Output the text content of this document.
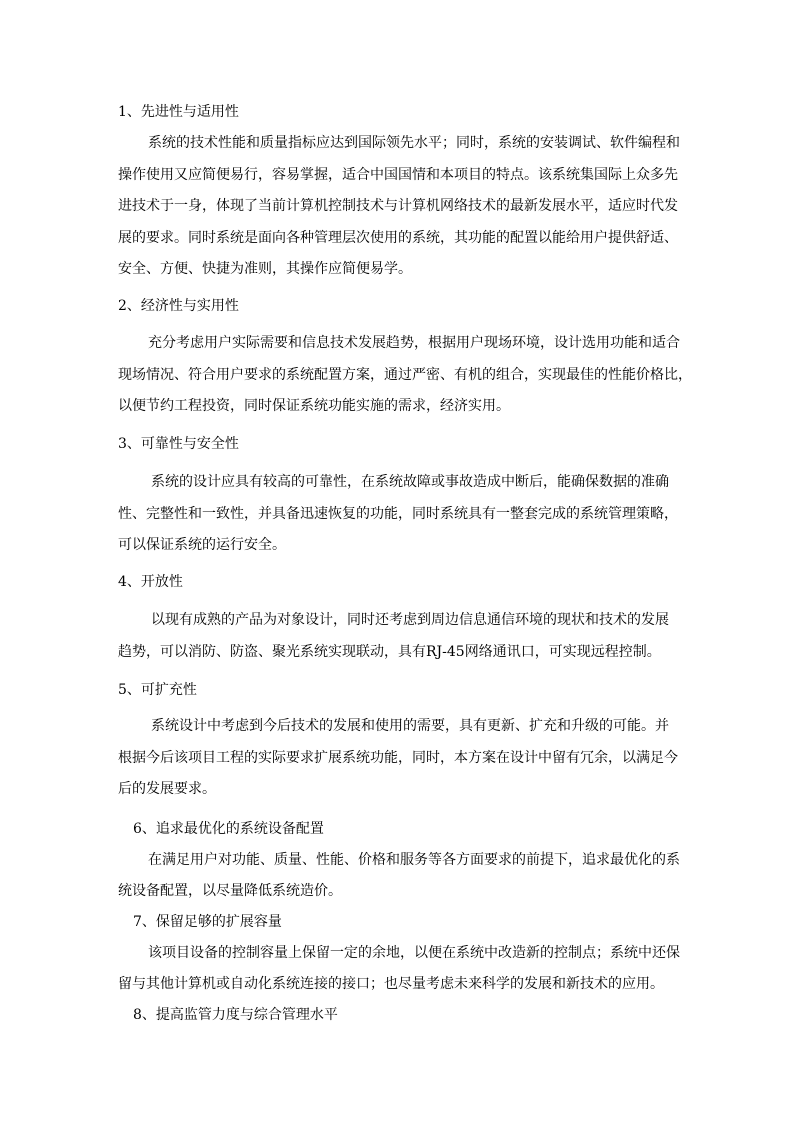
1、先进性与适用性
系统的技术性能和质量指标应达到国际领先水平；同时，系统的安装调试、软件编程和
操作使用又应简便易行，容易掌握，适合中国国情和本项目的特点。该系统集国际上众多先
进技术于一身，体现了当前计算机控制技术与计算机网络技术的最新发展水平，适应时代发
展的要求。同时系统是面向各种管理层次使用的系统，其功能的配置以能给用户提供舒适、
安全、方便、快捷为准则，其操作应简便易学。
2、经济性与实用性
充分考虑用户实际需要和信息技术发展趋势，根据用户现场环境，设计选用功能和适合
现场情况、符合用户要求的系统配置方案，通过严密、有机的组合，实现最佳的性能价格比，
以便节约工程投资，同时保证系统功能实施的需求，经济实用。
3、可靠性与安全性
系统的设计应具有较高的可靠性，在系统故障或事故造成中断后，能确保数据的准确
性、完整性和一致性，并具备迅速恢复的功能，同时系统具有一整套完成的系统管理策略，
可以保证系统的运行安全。
4、开放性
以现有成熟的产品为对象设计，同时还考虑到周边信息通信环境的现状和技术的发展
趋势，可以消防、防盗、聚光系统实现联动，具有RJ-45网络通讯口，可实现远程控制。
5、可扩充性
系统设计中考虑到今后技术的发展和使用的需要，具有更新、扩充和升级的可能。并
根据今后该项目工程的实际要求扩展系统功能，同时，本方案在设计中留有冗余，以满足今
后的发展要求。
6、追求最优化的系统设备配置
在满足用户对功能、质量、性能、价格和服务等各方面要求的前提下，追求最优化的系
统设备配置，以尽量降低系统造价。
7、保留足够的扩展容量
该项目设备的控制容量上保留一定的余地，以便在系统中改造新的控制点；系统中还保
留与其他计算机或自动化系统连接的接口；也尽量考虑未来科学的发展和新技术的应用。
8、提高监管力度与综合管理水平
